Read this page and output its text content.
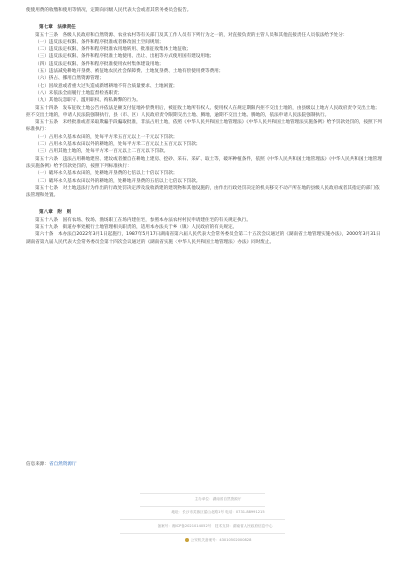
使使用费的收缴和使用等情况，定期向同级人民代表大会或者其常务委员会报告。

第七章　法律责任

第五十三条　各级人民政府和自然资源、农业农村等有关部门及其工作人员有下列行为之一的，对直接负责的主管人员和其他直接责任人员依法给予处分：

（一）违反法定权限、条件和程序批准或者修改国土空间规划；

（二）违反法定权限、条件和程序批准农用地转用、批准征收集体土地征收；

（三）违反法定权限、条件和程序批准土地使用、出让、出租等方式使用国有建设用地；

（四）违反法定权限、条件和程序批准使用农村集体建设用地；

（五）违法减免耕地开垦费、被征地农民社会保障费、土地复垦费、土地有偿使用费等费用；

（六）挤占、挪用自然资源管理；

（七）因故意或者重大过失造成新增耕地不符合质量要求、土地闲置；

（八）未依法全面履行土地监督检查职责；

（九）其他玩忽职守、滥用职权、徇私舞弊的行为。

第五十四条　发布征收土地公告并依法足额支付征地补偿费用后，被征收土地所有权人、使用权人在规定期限内拒不交出土地的，由县级以上地方人民政府责令交出土地；拒不交出土地的，申请人民法院强制执行，县（市、区）人民政府责令限期交出土地、腾地，逾期不交出土地、腾地的，依法申请人民法院强制执行。

第五十五条　未经批准或者采取欺骗手段骗取批准，非法占用土地，依照《中华人民共和国土地管理法》《中华人民共和国土地管理法实施条例》给予罚款处罚的，按照下列标准执行：

（一）占用永久基本农田的，处每平方米五百元以上一千元以下罚款；

（二）占用永久基本农田以外的耕地的，处每平方米二百元以上五百元以下罚款；

（三）占用其他土地的，处每平方米一百元以上二百元以下罚款。

第五十六条　违法占用耕地建窑、建坟或者擅自在耕地上建房、挖砂、采石、采矿、取土等，破坏种植条件，依照《中华人民共和国土地管理法》《中华人民共和国土地管理法实施条例》给予罚款处罚的，按照下列标准执行：

（一）破坏永久基本农田的，处耕地开垦费的七倍以上十倍以下罚款；

（二）破坏永久基本农田以外的耕地的，处耕地开垦费的五倍以上七倍以下罚款。

第五十七条　对土地违法行为作出的行政处罚决定涉及没收新建的建筑物和其他设施的，由作出行政处罚决定的机关移交不动产所在地的县级人民政府或者其指定的部门依法管理和处置。

第八章　附　则

第五十八条　国有农场、牧场、渔场职工在场内建住宅，参照本办法农村村民申请建住宅的有关规定执行。

第五十九条　街道办事处履行土地管理相关职责的，适用本办法关于乡（镇）人民政府的有关规定。

第六十条　本办法自2022年3月1日起施行，1987年5月17日湖南省第六届人民代表大会常务委员会第二十五次会议通过的《湖南省土地管理实施办法》，2000年3月31日湖南省第九届人民代表大会常务委员会第十四次会议通过的《湖南省实施〈中华人民共和国土地管理法〉办法》同时废止。

信息来源：省自然资源厅
主办单位：湖南省自然资源厅
地址：长沙市芙蓉区韶山北路1号 电话：0731-88991215
备案号：湘ICP备2021014052号　技术支持：湖南省人民政府信息中心
公安机关备案号：43010502000828
